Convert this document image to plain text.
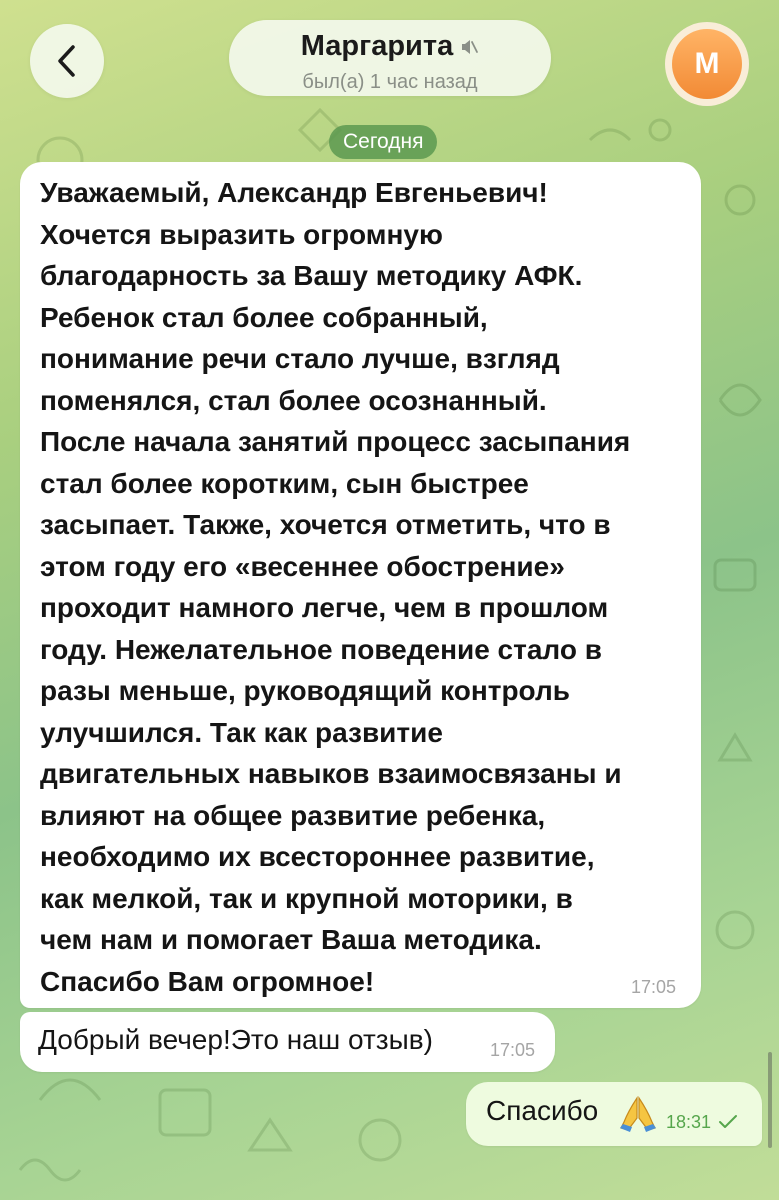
Маргарита
был(а) 1 час назад
М
Сегодня
Уважаемый, Александр Евгеньевич!
Хочется выразить огромную
благодарность за Вашу методику АФК.
Ребенок стал более собранный,
понимание речи стало лучше, взгляд
поменялся, стал более осознанный.
После начала занятий процесс засыпания
стал более коротким, сын быстрее
засыпает. Также, хочется отметить, что в
этом году его «весеннее обострение»
проходит намного легче, чем в прошлом
году. Нежелательное поведение стало в
разы меньше, руководящий контроль
улучшился. Так как развитие
двигательных навыков взаимосвязаны и
влияют на общее развитие ребенка,
необходимо их всестороннее развитие,
как мелкой, так и крупной моторики, в
чем нам и помогает Ваша методика.
Спасибо Вам огромное!	17:05
Добрый вечер!Это наш отзыв)	17:05
Спасибо	18:31
